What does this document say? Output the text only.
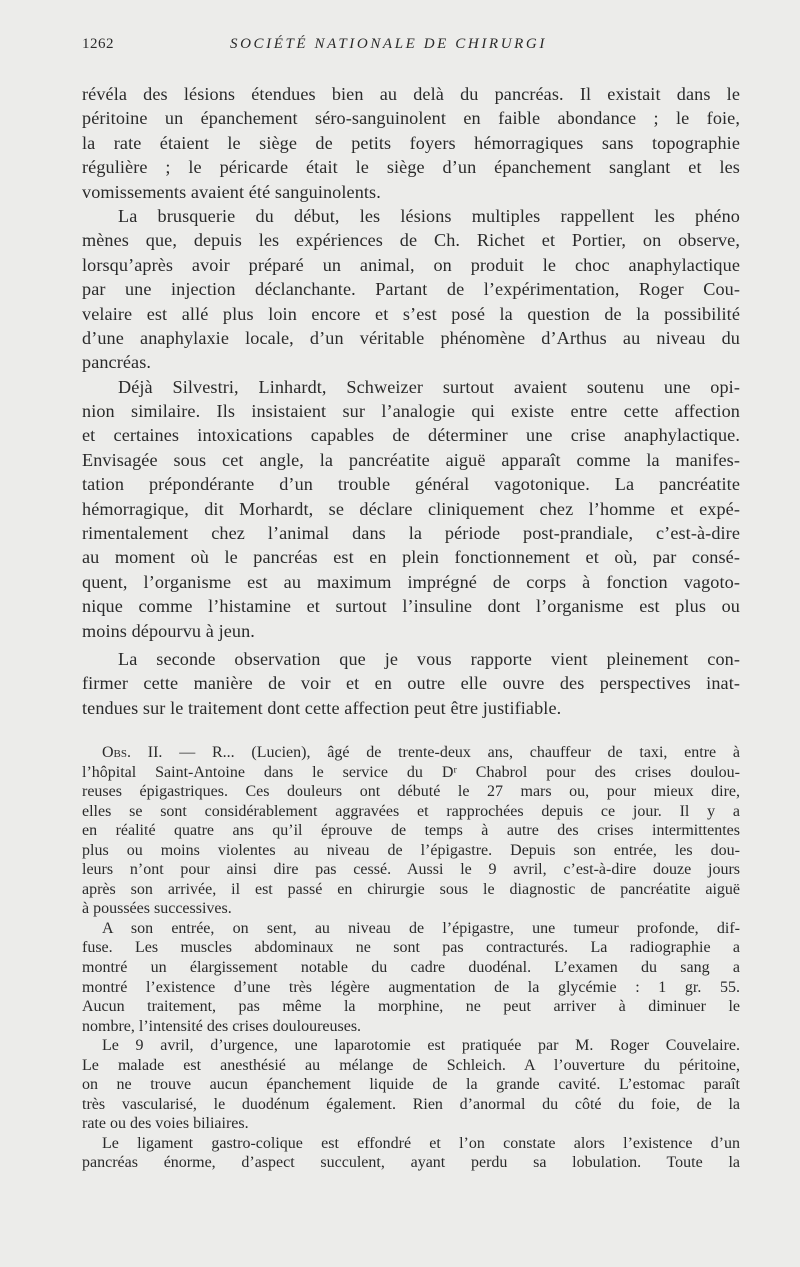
1262	SOCIÉTÉ NATIONALE DE CHIRURGI
révéla des lésions étendues bien au delà du pancréas. Il existait dans le
péritoine un épanchement séro-sanguinolent en faible abondance ; le foie,
la rate étaient le siège de petits foyers hémorragiques sans topographie
régulière ; le péricarde était le siège d’un épanchement sanglant et les
vomissements avaient été sanguinolents.
La brusquerie du début, les lésions multiples rappellent les phéno
mènes que, depuis les expériences de Ch. Richet et Portier, on observe,
lorsqu’après avoir préparé un animal, on produit le choc anaphylactique
par une injection déclanchante. Partant de l’expérimentation, Roger Cou-
velaire est allé plus loin encore et s’est posé la question de la possibilité
d’une anaphylaxie locale, d’un véritable phénomène d’Arthus au niveau du
pancréas.
Déjà Silvestri, Linhardt, Schweizer surtout avaient soutenu une opi-
nion similaire. Ils insistaient sur l’analogie qui existe entre cette affection
et certaines intoxications capables de déterminer une crise anaphylactique.
Envisagée sous cet angle, la pancréatite aiguë apparaît comme la manifes-
tation prépondérante d’un trouble général vagotonique. La pancréatite
hémorragique, dit Morhardt, se déclare cliniquement chez l’homme et expé-
rimentalement chez l’animal dans la période post-prandiale, c’est-à-dire
au moment où le pancréas est en plein fonctionnement et où, par consé-
quent, l’organisme est au maximum imprégné de corps à fonction vagoto-
nique comme l’histamine et surtout l’insuline dont l’organisme est plus ou
moins dépourvu à jeun.
La seconde observation que je vous rapporte vient pleinement con-
firmer cette manière de voir et en outre elle ouvre des perspectives inat-
tendues sur le traitement dont cette affection peut être justifiable.
Obs. II. — R... (Lucien), âgé de trente-deux ans, chauffeur de taxi, entre à
l’hôpital Saint-Antoine dans le service du Dʳ Chabrol pour des crises doulou-
reuses épigastriques. Ces douleurs ont débuté le 27 mars ou, pour mieux dire,
elles se sont considérablement aggravées et rapprochées depuis ce jour. Il y a
en réalité quatre ans qu’il éprouve de temps à autre des crises intermittentes
plus ou moins violentes au niveau de l’épigastre. Depuis son entrée, les dou-
leurs n’ont pour ainsi dire pas cessé. Aussi le 9 avril, c’est-à-dire douze jours
après son arrivée, il est passé en chirurgie sous le diagnostic de pancréatite aiguë
à poussées successives.
A son entrée, on sent, au niveau de l’épigastre, une tumeur profonde, dif-
fuse. Les muscles abdominaux ne sont pas contracturés. La radiographie a
montré un élargissement notable du cadre duodénal. L’examen du sang a
montré l’existence d’une très légère augmentation de la glycémie : 1 gr. 55.
Aucun traitement, pas même la morphine, ne peut arriver à diminuer le
nombre, l’intensité des crises douloureuses.
Le 9 avril, d’urgence, une laparotomie est pratiquée par M. Roger Couvelaire.
Le malade est anesthésié au mélange de Schleich. A l’ouverture du péritoine,
on ne trouve aucun épanchement liquide de la grande cavité. L’estomac paraît
très vascularisé, le duodénum également. Rien d’anormal du côté du foie, de la
rate ou des voies biliaires.
Le ligament gastro-colique est effondré et l’on constate alors l’existence d’un
pancréas énorme, d’aspect succulent, ayant perdu sa lobulation. Toute la
